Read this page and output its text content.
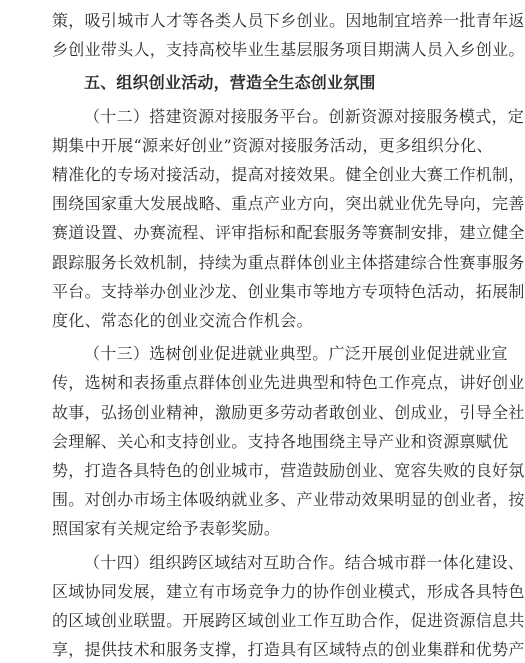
策，吸引城市人才等各类人员下乡创业。因地制宜培养一批青年返
乡创业带头人，支持高校毕业生基层服务项目期满人员入乡创业。
五、组织创业活动，营造全生态创业氛围
（十二）搭建资源对接服务平台。创新资源对接服务模式，定
期集中开展“源来好创业”资源对接服务活动，更多组织分化、
精准化的专场对接活动，提高对接效果。健全创业大赛工作机制，
围绕国家重大发展战略、重点产业方向，突出就业优先导向，完善
赛道设置、办赛流程、评审指标和配套服务等赛制安排，建立健全
跟踪服务长效机制，持续为重点群体创业主体搭建综合性赛事服务
平台。支持举办创业沙龙、创业集市等地方专项特色活动，拓展制
度化、常态化的创业交流合作机会。
（十三）选树创业促进就业典型。广泛开展创业促进就业宣
传，选树和表扬重点群体创业先进典型和特色工作亮点，讲好创业
故事，弘扬创业精神，激励更多劳动者敢创业、创成业，引导全社
会理解、关心和支持创业。支持各地围绕主导产业和资源禀赋优
势，打造各具特色的创业城市，营造鼓励创业、宽容失败的良好氛
围。对创办市场主体吸纳就业多、产业带动效果明显的创业者，按
照国家有关规定给予表彰奖励。
（十四）组织跨区域结对互助合作。结合城市群一体化建设、
区域协同发展，建立有市场竞争力的协作创业模式，形成各具特色
的区域创业联盟。开展跨区域创业工作互助合作，促进资源信息共
享，提供技术和服务支撑，打造具有区域特点的创业集群和优势产
